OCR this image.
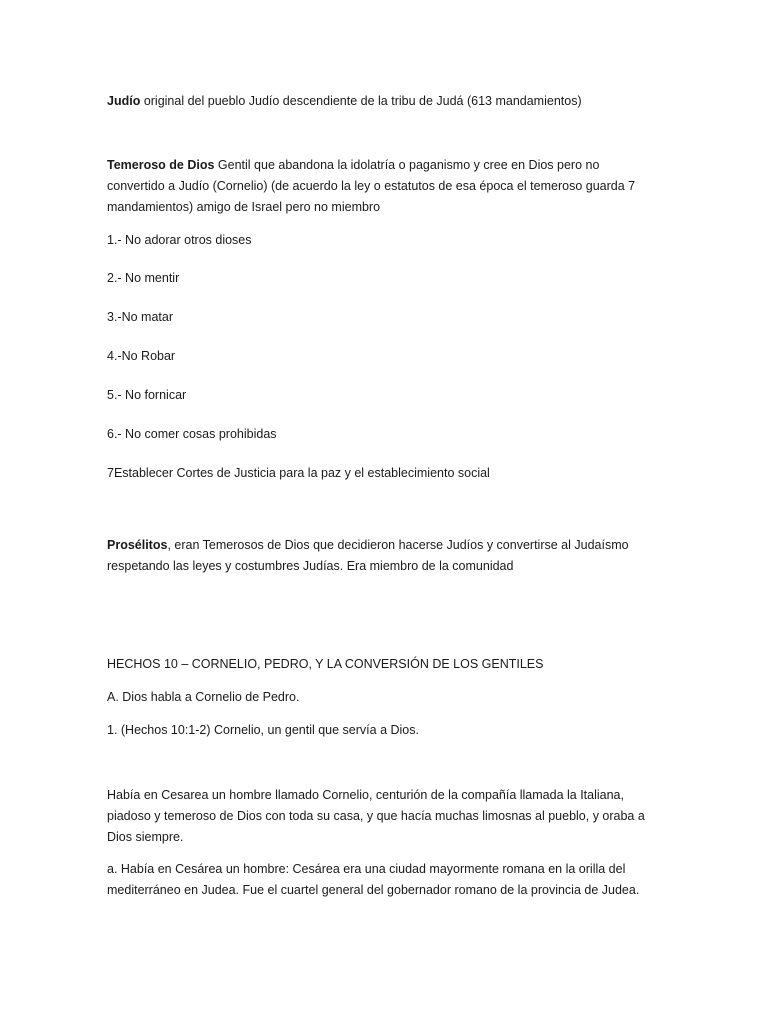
Judío original del pueblo Judío descendiente de la tribu de Judá (613 mandamientos)
Temeroso de Dios Gentil que abandona la idolatría o paganismo y cree en Dios pero no
convertido a Judío (Cornelio) (de acuerdo la ley o estatutos de esa época el temeroso guarda 7
mandamientos) amigo de Israel pero no miembro
1.- No adorar otros dioses
2.- No mentir
3.-No matar
4.-No Robar
5.- No fornicar
6.- No comer cosas prohibidas
7Establecer Cortes de Justicia para la paz y el establecimiento social
Prosélitos, eran Temerosos de Dios que decidieron hacerse Judíos y convertirse al Judaísmo
respetando las leyes y costumbres Judías. Era miembro de la comunidad
HECHOS 10 – CORNELIO, PEDRO, Y LA CONVERSIÓN DE LOS GENTILES
A. Dios habla a Cornelio de Pedro.
1. (Hechos 10:1-2) Cornelio, un gentil que servía a Dios.
Había en Cesarea un hombre llamado Cornelio, centurión de la compañía llamada la Italiana,
piadoso y temeroso de Dios con toda su casa, y que hacía muchas limosnas al pueblo, y oraba a
Dios siempre.
a. Había en Cesárea un hombre: Cesárea era una ciudad mayormente romana en la orilla del
mediterráneo en Judea. Fue el cuartel general del gobernador romano de la provincia de Judea.
